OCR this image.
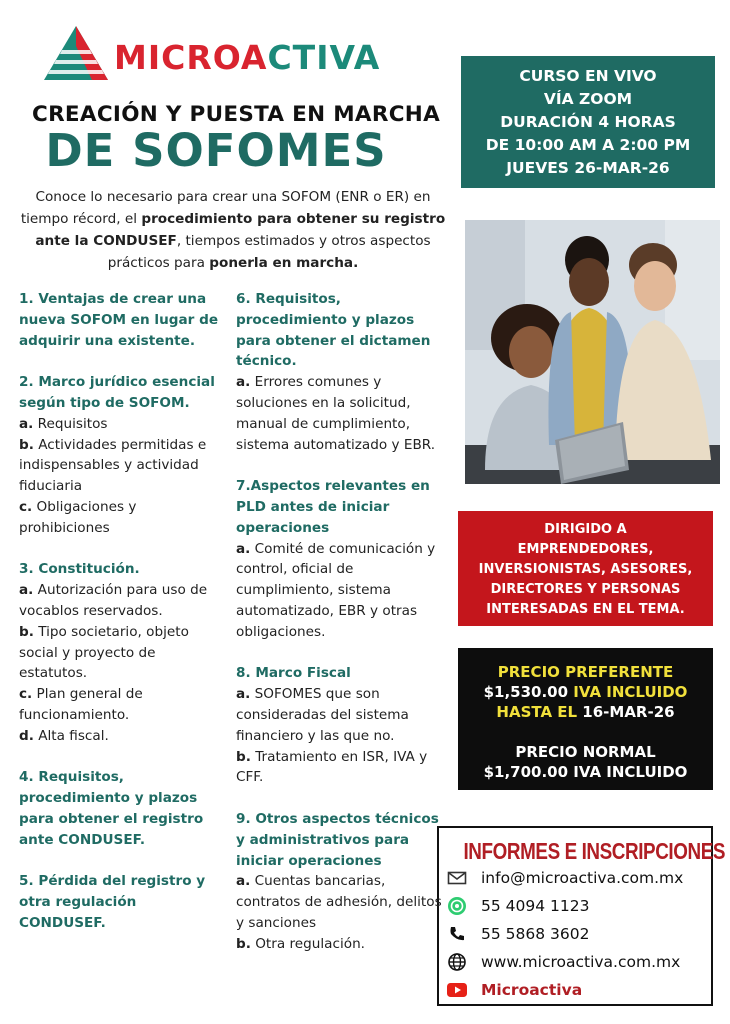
MICROACTIVA
CREACIÓN Y PUESTA EN MARCHA
DE SOFOMES
Conoce lo necesario para crear una SOFOM (ENR o ER) en tiempo récord, el procedimiento para obtener su registro ante la CONDUSEF, tiempos estimados y otros aspectos prácticos para ponerla en marcha.
CURSO EN VIVO
VÍA ZOOM
DURACIÓN 4 HORAS
DE 10:00 AM A 2:00 PM
JUEVES 26-MAR-26
DIRIGIDO A
EMPRENDEDORES,
INVERSIONISTAS, ASESORES,
DIRECTORES Y PERSONAS
INTERESADAS EN EL TEMA.
PRECIO PREFERENTE
$1,530.00 IVA INCLUIDO
HASTA EL 16-MAR-26
PRECIO NORMAL
$1,700.00 IVA INCLUIDO
INFORMES E INSCRIPCIONES
info@microactiva.com.mx
55 4094 1123
55 5868 3602
www.microactiva.com.mx
Microactiva
1. Ventajas de crear una nueva SOFOM en lugar de adquirir una existente.
2. Marco jurídico esencial según tipo de SOFOM.
a. Requisitos
b. Actividades permitidas e indispensables y actividad fiduciaria
c. Obligaciones y prohibiciones
3. Constitución.
a. Autorización para uso de vocablos reservados.
b. Tipo societario, objeto social y proyecto de estatutos.
c. Plan general de funcionamiento.
d. Alta fiscal.
4. Requisitos, procedimiento y plazos para obtener el registro ante CONDUSEF.
5. Pérdida del registro y otra regulación CONDUSEF.
6. Requisitos, procedimiento y plazos para obtener el dictamen técnico.
a. Errores comunes y soluciones en la solicitud, manual de cumplimiento, sistema automatizado y EBR.
7.Aspectos relevantes en PLD antes de iniciar operaciones
a. Comité de comunicación y control, oficial de cumplimiento, sistema automatizado, EBR y otras obligaciones.
8. Marco Fiscal
a. SOFOMES que son consideradas del sistema financiero y las que no.
b. Tratamiento en ISR, IVA y CFF.
9. Otros aspectos técnicos y administrativos para iniciar operaciones
a. Cuentas bancarias, contratos de adhesión, delitos y sanciones
b. Otra regulación.
